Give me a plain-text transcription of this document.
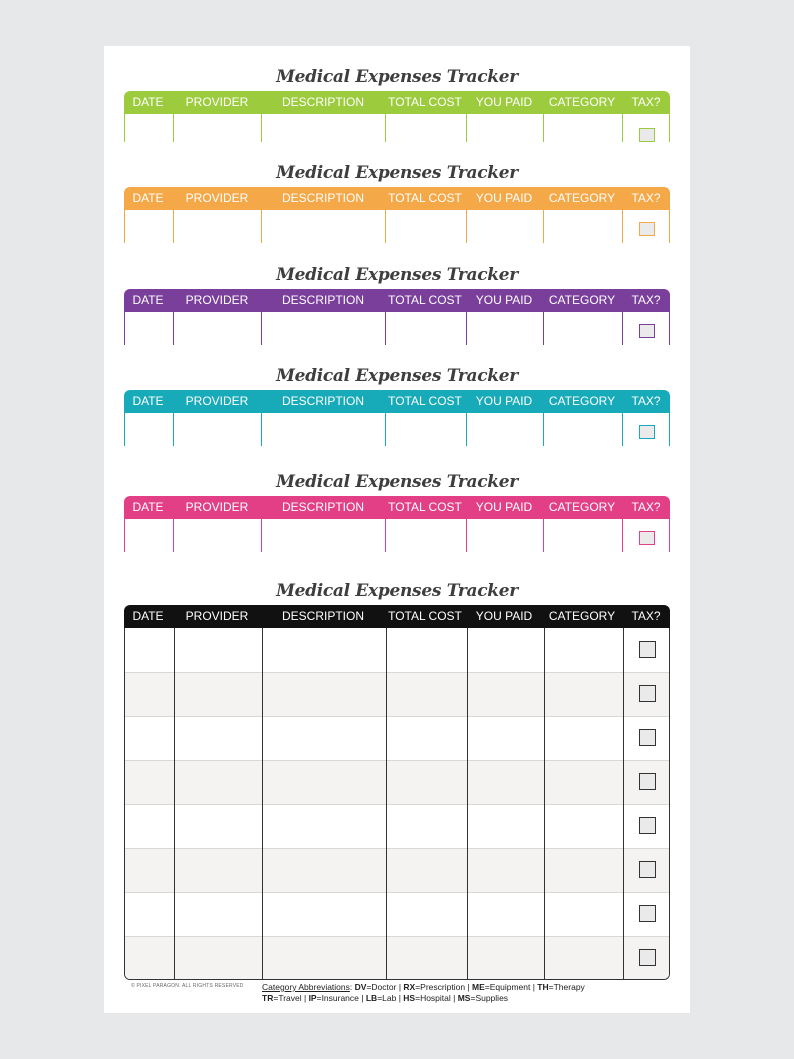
© PIXEL PARAGON. ALL RIGHTS RESERVED Category Abbreviations: DV=Doctor | RX=Prescription | ME=Equipment | TH=Therapy
TR=Travel | IP=Insurance | LB=Lab | HS=Hospital | MS=Supplies
Medical Expenses Tracker
DATE	PROVIDER	DESCRIPTION	TOTAL COST	YOU PAID	CATEGORY	TAX?
Medical Expenses Tracker
DATE	PROVIDER	DESCRIPTION	TOTAL COST	YOU PAID	CATEGORY	TAX?
Medical Expenses Tracker
DATE	PROVIDER	DESCRIPTION	TOTAL COST	YOU PAID	CATEGORY	TAX?
Medical Expenses Tracker
DATE	PROVIDER	DESCRIPTION	TOTAL COST	YOU PAID	CATEGORY	TAX?
Medical Expenses Tracker
DATE	PROVIDER	DESCRIPTION	TOTAL COST	YOU PAID	CATEGORY	TAX?
Medical Expenses Tracker
DATE	PROVIDER	DESCRIPTION	TOTAL COST	YOU PAID	CATEGORY	TAX?
